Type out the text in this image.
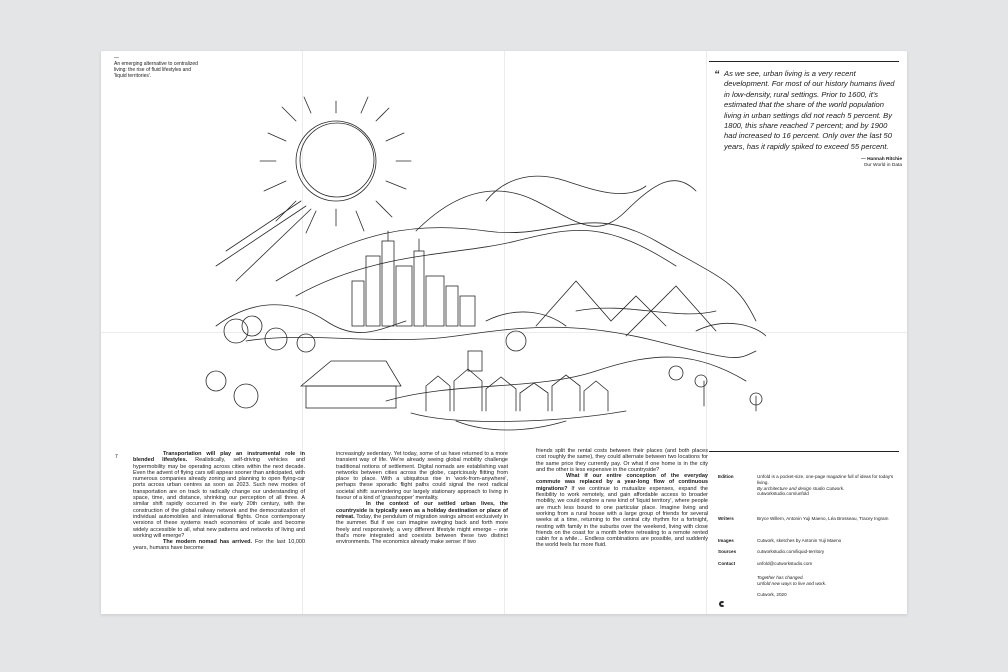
—
An emerging alternative to centralized living: the rise of fluid lifestyles and 'liquid territories'.	“ As we see, urban living is a very recent development. For most of our history humans lived in low-density, rural settings. Prior to 1600, it's estimated that the share of the world population living in urban settings did not reach 5 percent. By 1800, this share reached 7 percent; and by 1900 had increased to 16 percent. Only over the last 50 years, has it rapidly spiked to exceed 55 percent.

— Hannah Ritchie
Our World in Data
7	Transportation will play an instrumental role in blended lifestyles. Realistically, self-driving vehicles and hypermobility may be operating across cities within the next decade. Even the advent of flying cars will appear sooner than anticipated, with numerous companies already zoning and planning to open flying-car ports across urban centres as soon as 2023. Such new modes of transportation are on track to radically change our understanding of space, time, and distance, shrinking our perception of all three. A similar shift rapidly occurred in the early 20th century, with the construction of the global railway network and the democratization of individual automobiles and international flights. Once contemporary versions of these systems reach economies of scale and become widely accessible to all, what new patterns and networks of living and working will emerge?

The modern nomad has arrived. For the last 10,000 years, humans have become

increasingly sedentary. Yet today, some of us have returned to a more transient way of life. We're already seeing global mobility challenge traditional notions of settlement. Digital nomads are establishing vast networks between cities across the globe, capriciously flitting from place to place. With a ubiquitous rise in 'work-from-anywhere', perhaps these sporadic flight paths could signal the next radical societal shift: surrendering our largely stationary approach to living in favour of a kind of 'grasshopper' mentality.

In the context of our settled urban lives, the countryside is typically seen as a holiday destination or place of retreat. Today, the pendulum of migration swings almost exclusively in the summer. But if we can imagine swinging back and forth more freely and responsively, a very different lifestyle might emerge – one that's more integrated and coexists between these two distinct environments. The economics already make sense: if two

friends split the rental costs between their places (and both places cost roughly the same), they could alternate between two locations for the same price they currently pay. Or what if one home is in the city and the other is less expensive in the countryside?

What if our entire conception of the everyday commute was replaced by a year-long flow of continuous migrations? If we continue to mutualize expenses, expand the flexibility to work remotely, and gain affordable access to broader mobility, we could explore a new kind of 'liquid territory', where people are much less bound to one particular place. Imagine living and working from a rural house with a large group of friends for several weeks at a time, returning to the central city rhythm for a fortnight, nesting with family in the suburbs over the weekend, living with close friends on the coast for a month before retreating to a remote rented cabin for a while… Endless combinations are possible, and suddenly the world feels far more fluid.

Edition	Unfold is a pocket-size, one-page magazine full of ideas for today's living.
By architecture and design studio Cutwork.
cutworkstudio.com/unfold
Writers	Bryce Willem, Antonin Yuji Maeno, Léa Brosseau, Tracey Ingram
Images	Cutwork, sketches by Antonin Yuji Maeno
Sources	cutworkstudio.com/liquid-territory
Contact	unfold@cutworkstudio.com
Together has changed.
Unfold new ways to live and work.
Cutwork, 2020
